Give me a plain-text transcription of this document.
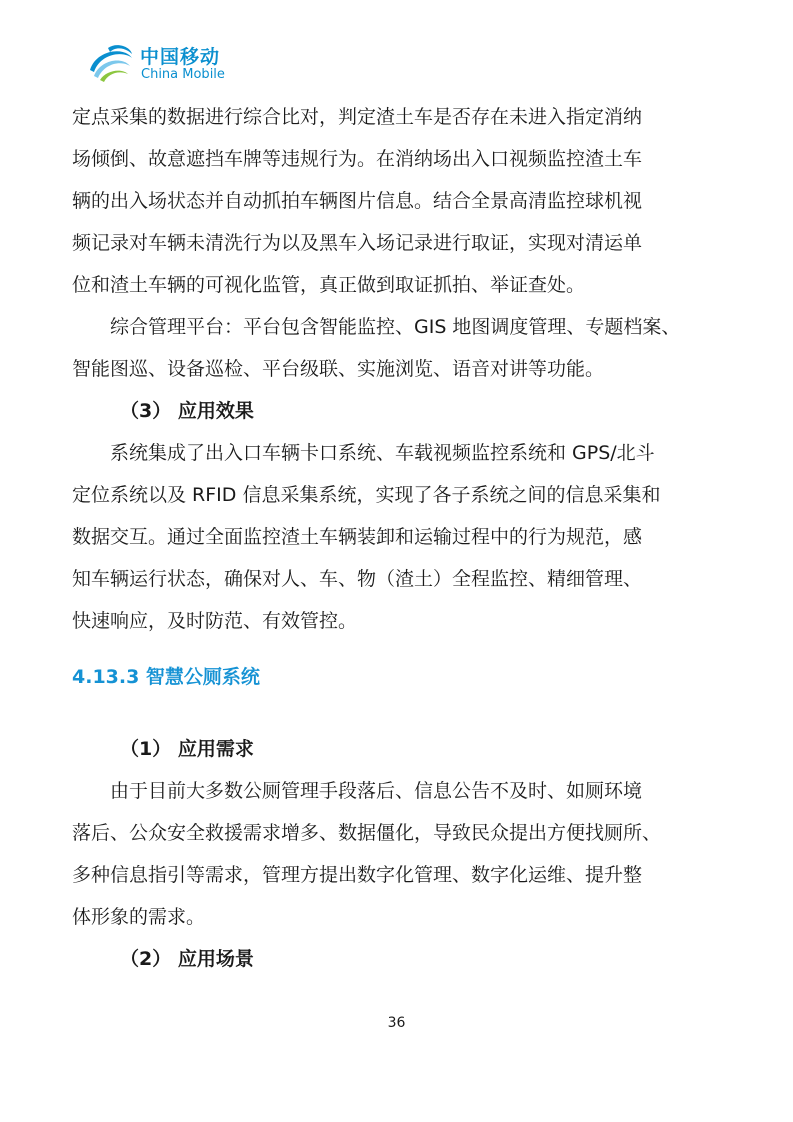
中国移动
China Mobile
定点采集的数据进行综合比对，判定渣土车是否存在未进入指定消纳
场倾倒、故意遮挡车牌等违规行为。在消纳场出入口视频监控渣土车
辆的出入场状态并自动抓拍车辆图片信息。结合全景高清监控球机视
频记录对车辆未清洗行为以及黑车入场记录进行取证，实现对清运单
位和渣土车辆的可视化监管，真正做到取证抓拍、举证查处。
综合管理平台：平台包含智能监控、GIS 地图调度管理、专题档案、
智能图巡、设备巡检、平台级联、实施浏览、语音对讲等功能。
（3） 应用效果
系统集成了出入口车辆卡口系统、车载视频监控系统和 GPS/北斗
定位系统以及 RFID 信息采集系统，实现了各子系统之间的信息采集和
数据交互。通过全面监控渣土车辆装卸和运输过程中的行为规范，感
知车辆运行状态，确保对人、车、物（渣土）全程监控、精细管理、
快速响应，及时防范、有效管控。
4.13.3 智慧公厕系统
（1） 应用需求
由于目前大多数公厕管理手段落后、信息公告不及时、如厕环境
落后、公众安全救援需求增多、数据僵化，导致民众提出方便找厕所、
多种信息指引等需求，管理方提出数字化管理、数字化运维、提升整
体形象的需求。
（2） 应用场景
36
